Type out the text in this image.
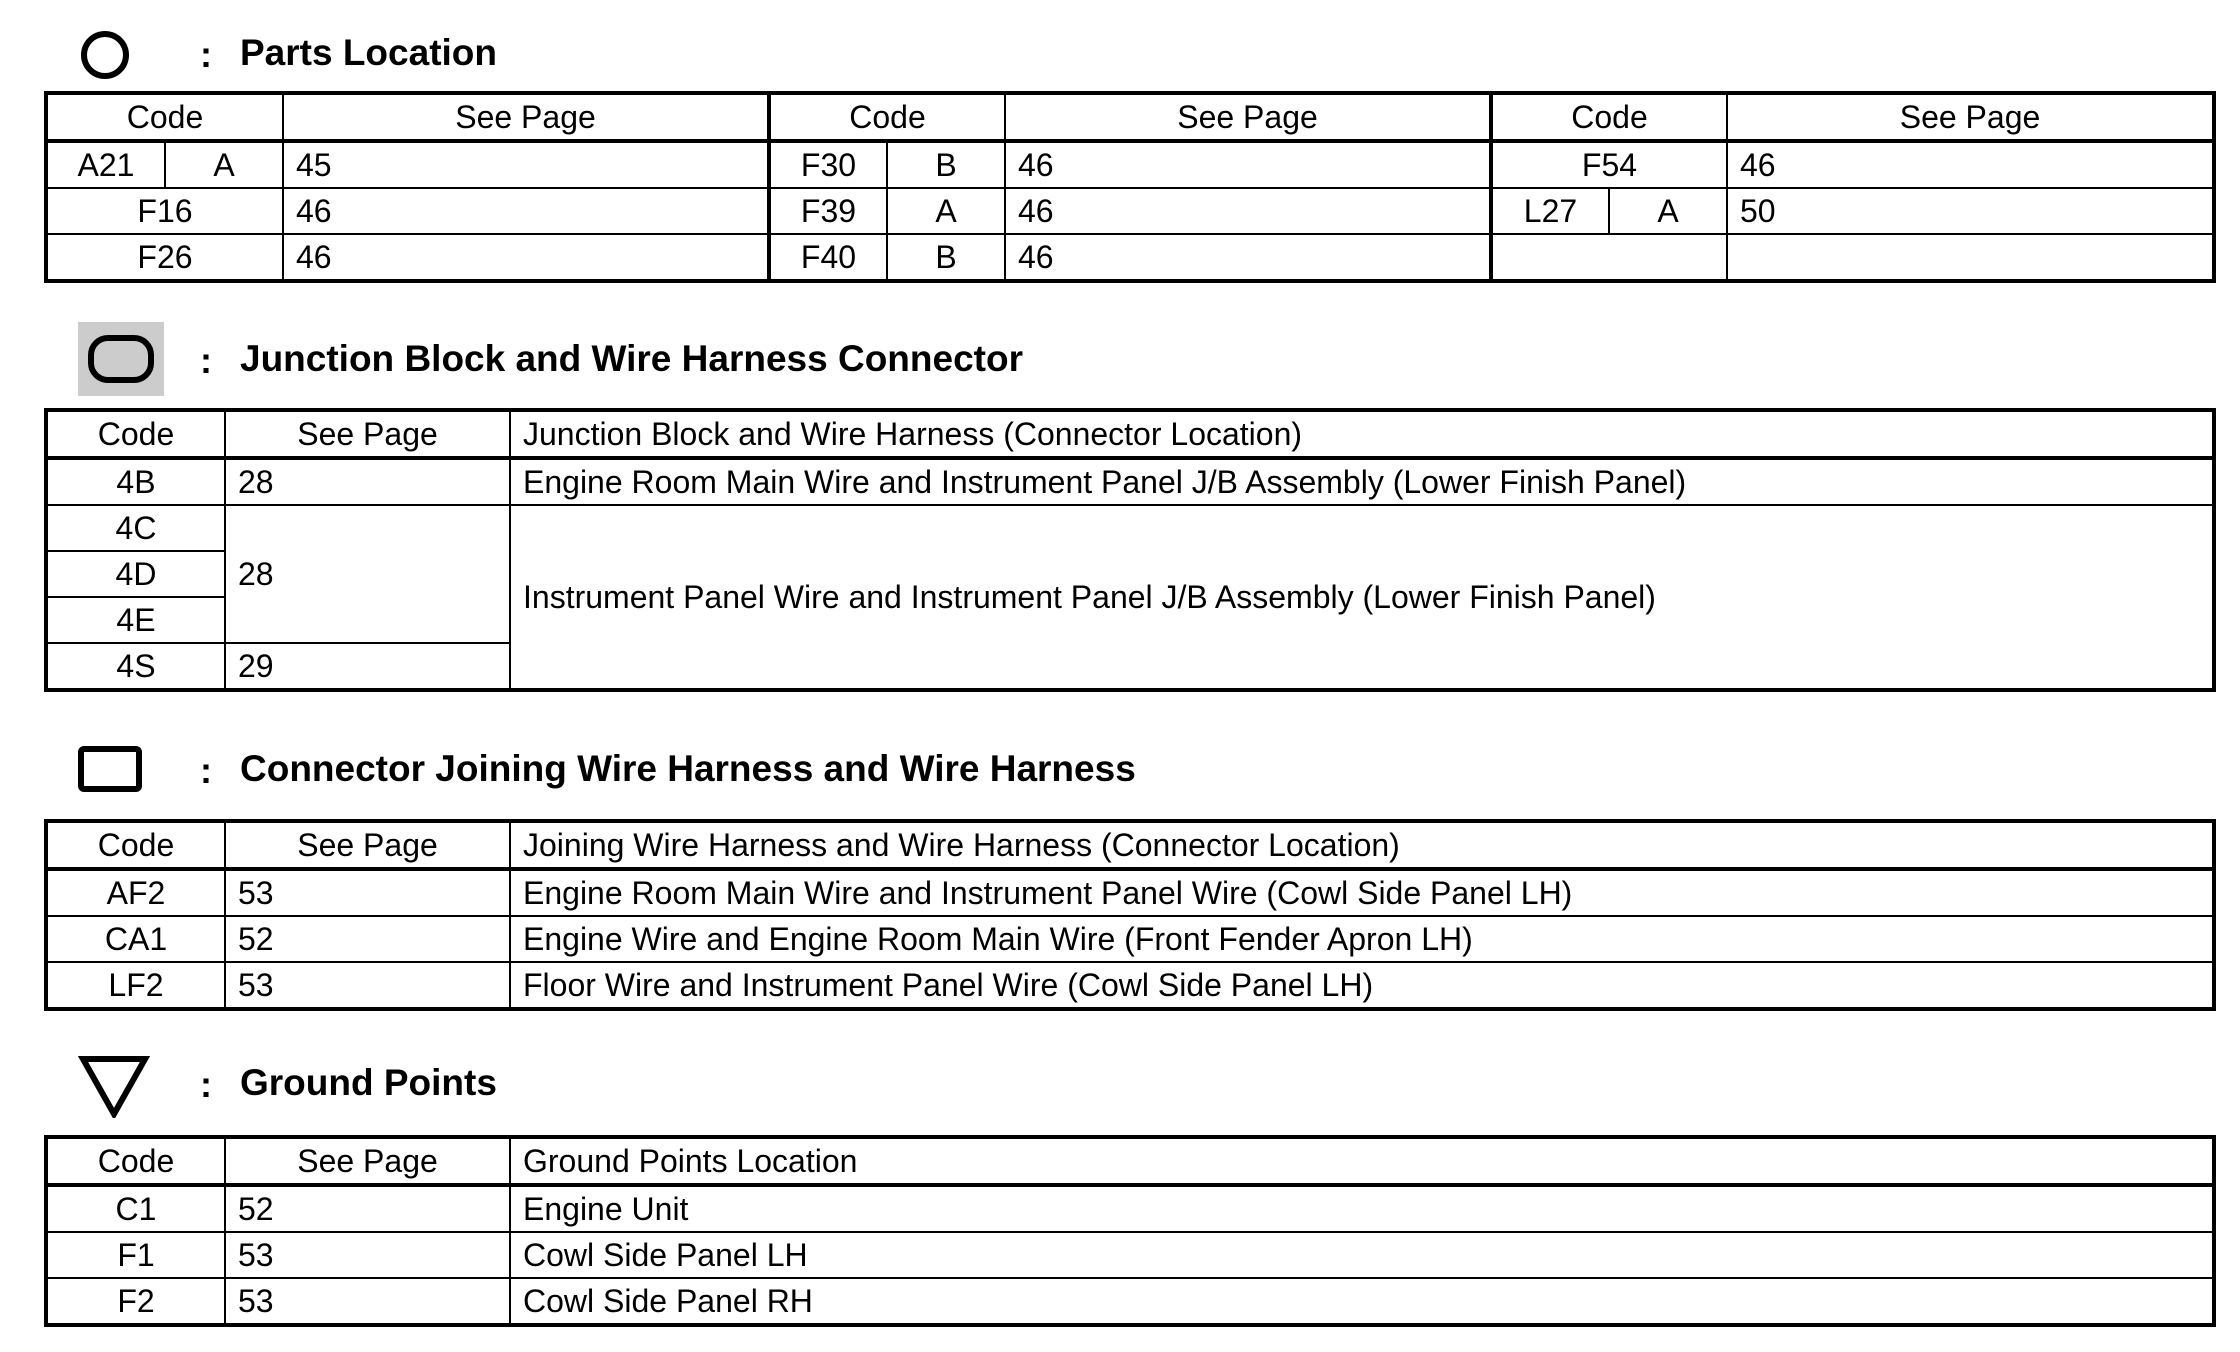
: Parts Location
Code		See Page	Code		See Page	Code		See Page
A21	A	45	F30	B	46	F54		46
F16		46	F39	A	46	L27	A	50
F26		46	F40	B	46			
: Junction Block and Wire Harness Connector
Code	See Page	Junction Block and Wire Harness (Connector Location)
4B	28	Engine Room Main Wire and Instrument Panel J/B Assembly (Lower Finish Panel)
4C	28	Instrument Panel Wire and Instrument Panel J/B Assembly (Lower Finish Panel)
4D		
4E		
4S	29	
: Connector Joining Wire Harness and Wire Harness
Code	See Page	Joining Wire Harness and Wire Harness (Connector Location)
AF2	53	Engine Room Main Wire and Instrument Panel Wire (Cowl Side Panel LH)
CA1	52	Engine Wire and Engine Room Main Wire (Front Fender Apron LH)
LF2	53	Floor Wire and Instrument Panel Wire (Cowl Side Panel LH)
: Ground Points
Code	See Page	Ground Points Location
C1	52	Engine Unit
F1	53	Cowl Side Panel LH
F2	53	Cowl Side Panel RH
